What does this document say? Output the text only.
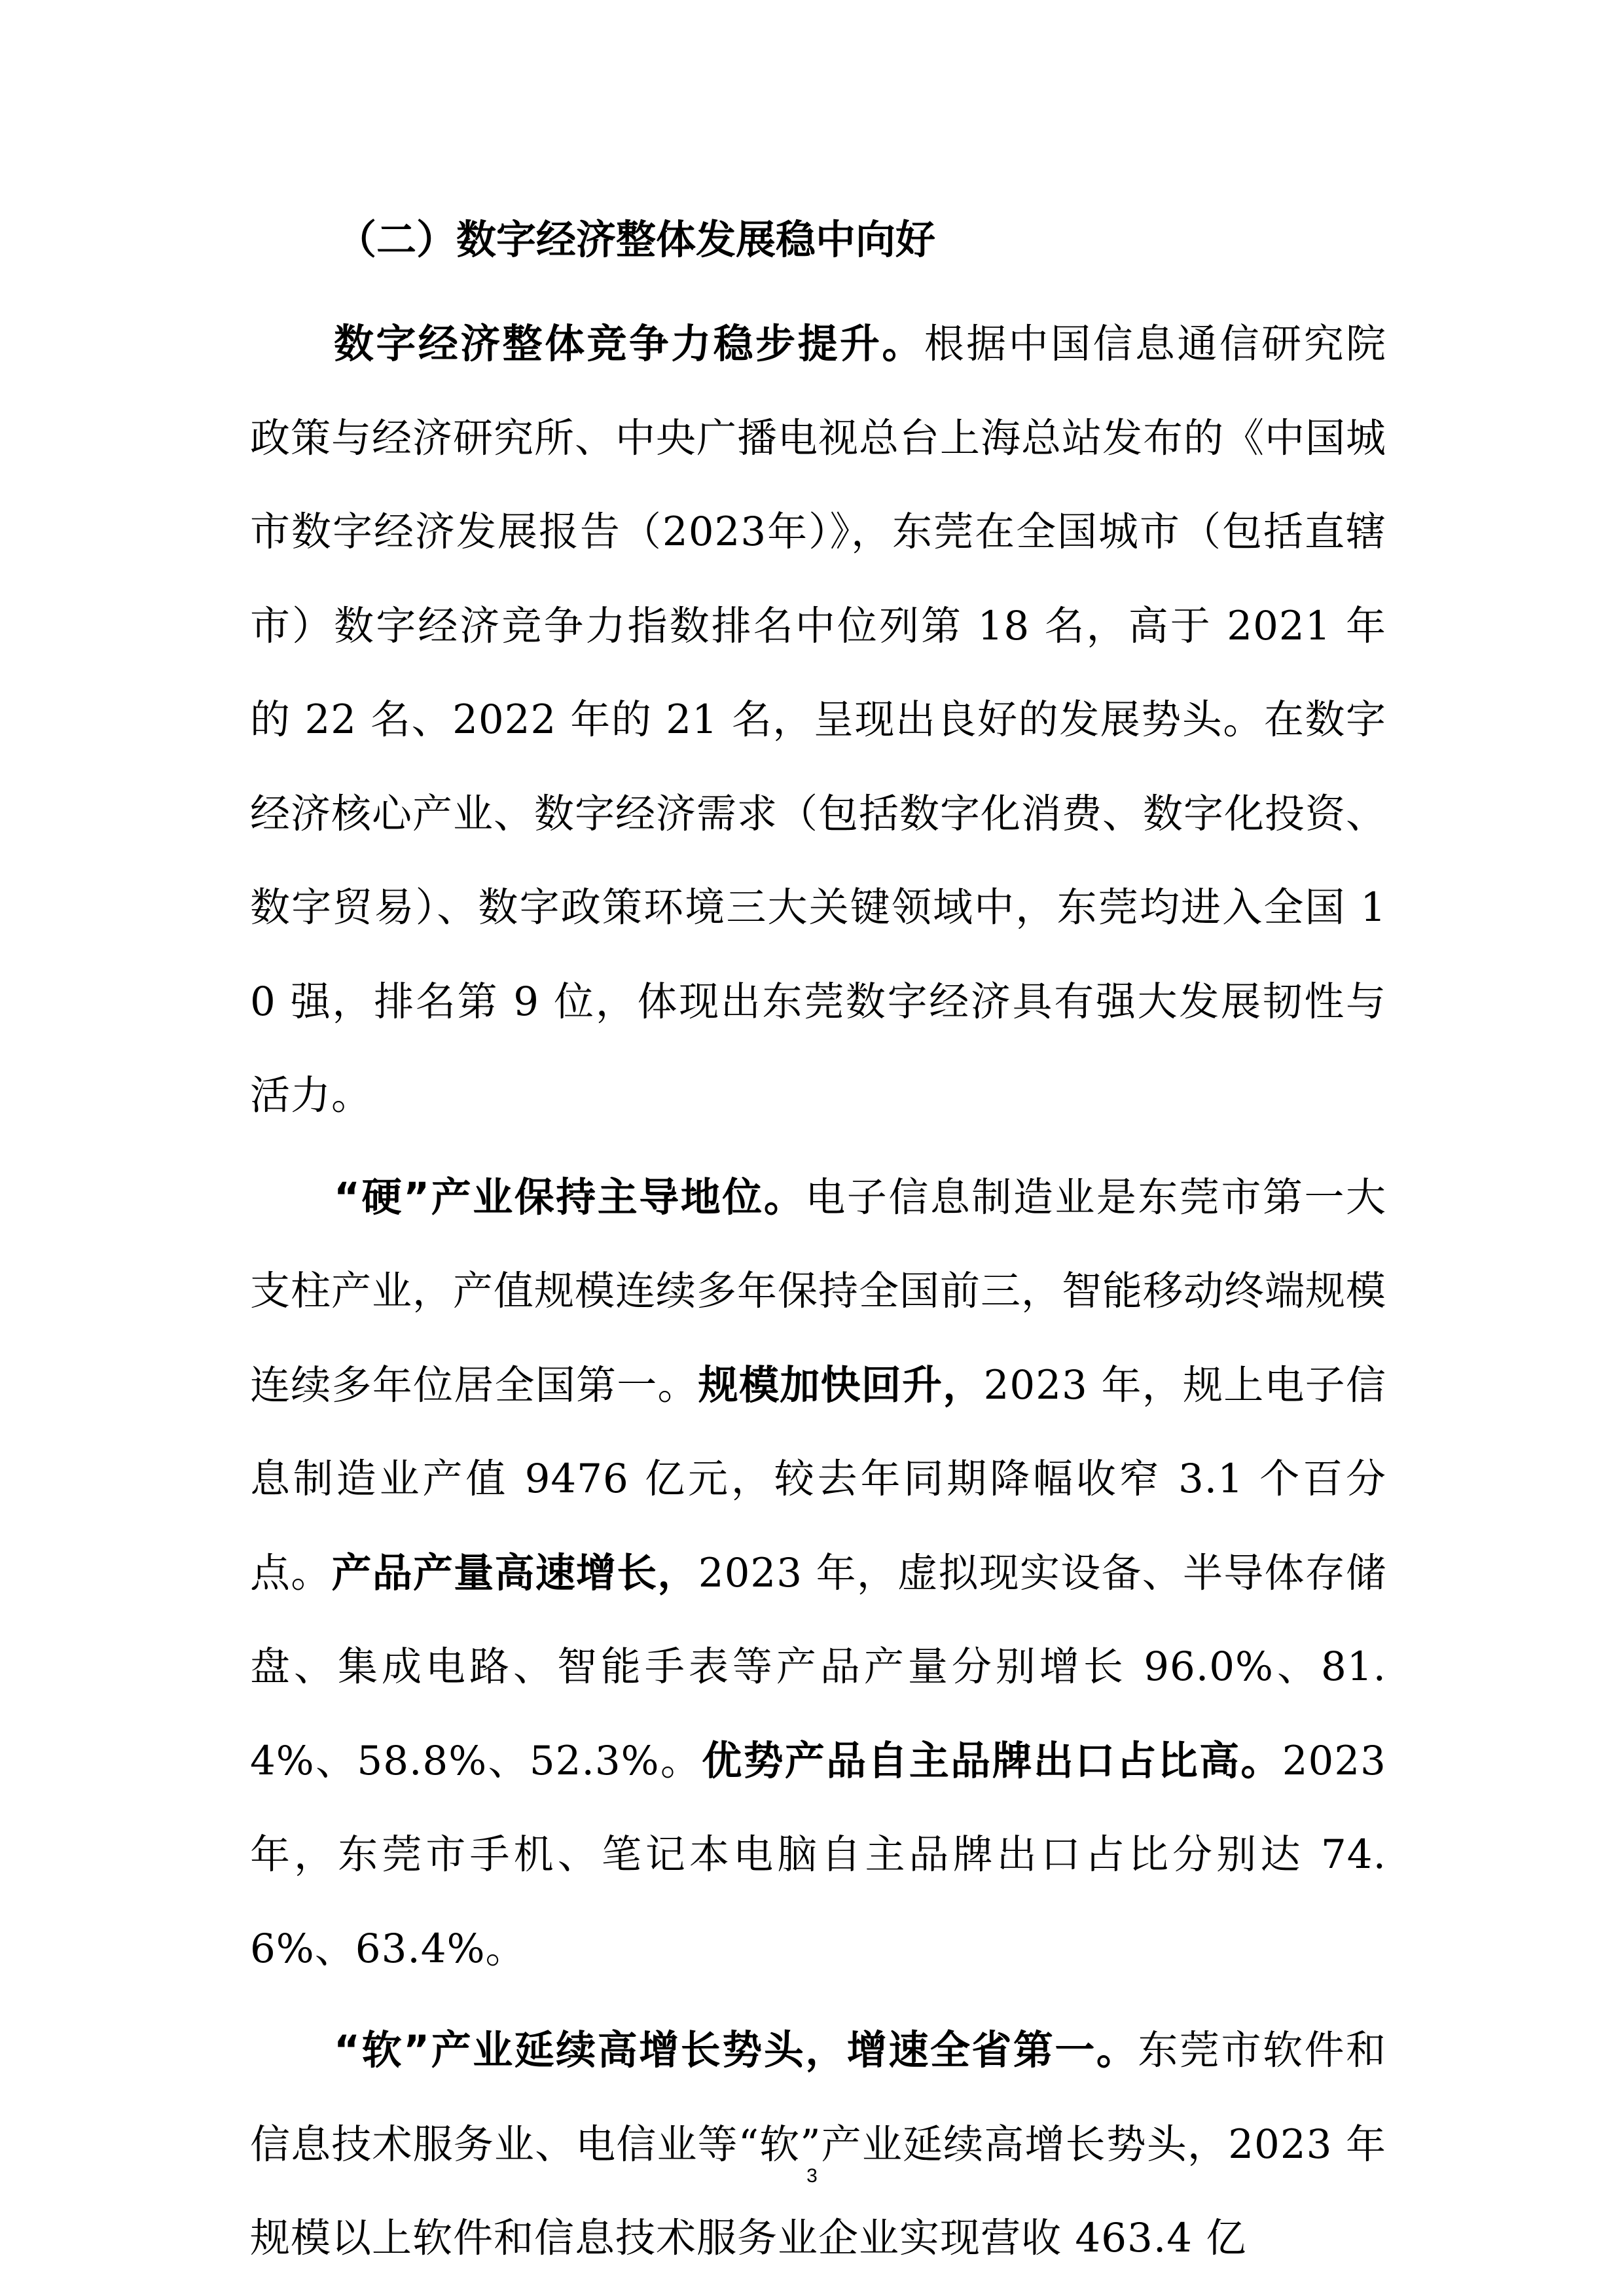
（二）数字经济整体发展稳中向好

数字经济整体竞争力稳步提升。根据中国信息通信研究院政策与经济研究所、中央广播电视总台上海总站发布的《中国城市数字经济发展报告（2023年）》，东莞在全国城市（包括直辖市）数字经济竞争力指数排名中位列第 18 名，高于 2021 年的 22 名、2022 年的 21 名，呈现出良好的发展势头。在数字经济核心产业、数字经济需求（包括数字化消费、数字化投资、数字贸易）、数字政策环境三大关键领域中，东莞均进入全国 10 强，排名第 9 位，体现出东莞数字经济具有强大发展韧性与活力。

“硬”产业保持主导地位。电子信息制造业是东莞市第一大支柱产业，产值规模连续多年保持全国前三，智能移动终端规模连续多年位居全国第一。规模加快回升，2023 年，规上电子信息制造业产值 9476 亿元，较去年同期降幅收窄 3.1 个百分点。产品产量高速增长，2023 年，虚拟现实设备、半导体存储盘、集成电路、智能手表等产品产量分别增长 96.0%、81.4%、58.8%、52.3%。优势产品自主品牌出口占比高。2023 年，东莞市手机、笔记本电脑自主品牌出口占比分别达 74.6%、63.4%。

“软”产业延续高增长势头，增速全省第一。东莞市软件和信息技术服务业、电信业等“软”产业延续高增长势头，2023 年规模以上软件和信息技术服务业企业实现营收 463.4 亿

3
